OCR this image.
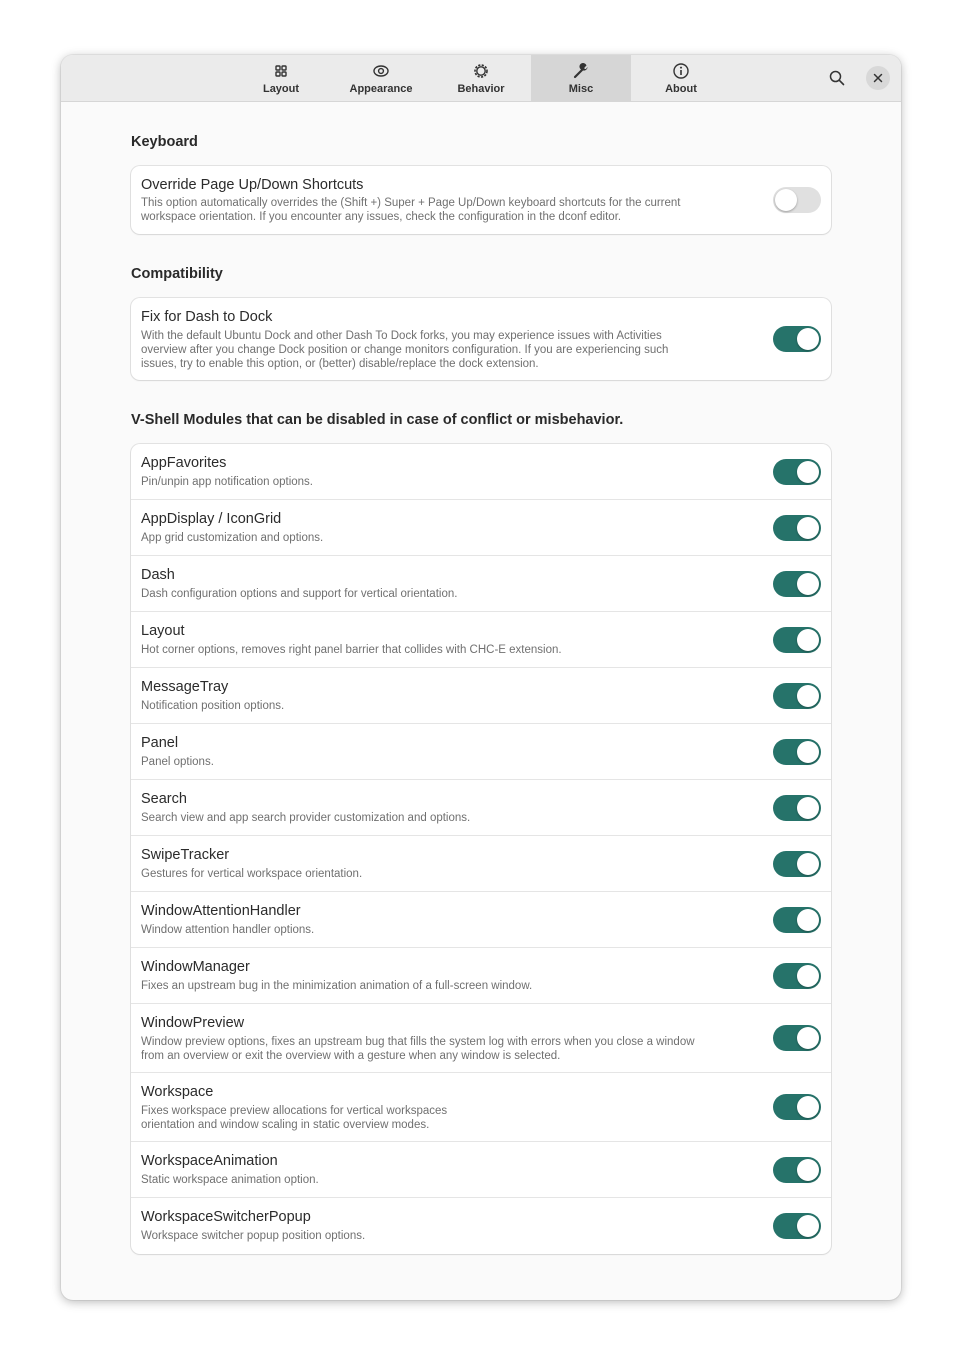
Layout	Appearance	Behavior	Misc	About
Keyboard
Override Page Up/Down Shortcuts
This option automatically overrides the (Shift +) Super + Page Up/Down keyboard shortcuts for the current workspace orientation. If you encounter any issues, check the configuration in the dconf editor.
Compatibility
Fix for Dash to Dock
With the default Ubuntu Dock and other Dash To Dock forks, you may experience issues with Activities overview after you change Dock position or change monitors configuration. If you are experiencing such issues, try to enable this option, or (better) disable/replace the dock extension.
V-Shell Modules that can be disabled in case of conflict or misbehavior.
AppFavorites
Pin/unpin app notification options.
AppDisplay / IconGrid
App grid customization and options.
Dash
Dash configuration options and support for vertical orientation.
Layout
Hot corner options, removes right panel barrier that collides with CHC-E extension.
MessageTray
Notification position options.
Panel
Panel options.
Search
Search view and app search provider customization and options.
SwipeTracker
Gestures for vertical workspace orientation.
WindowAttentionHandler
Window attention handler options.
WindowManager
Fixes an upstream bug in the minimization animation of a full-screen window.
WindowPreview
Window preview options, fixes an upstream bug that fills the system log with errors when you close a window from an overview or exit the overview with a gesture when any window is selected.
Workspace
Fixes workspace preview allocations for vertical workspaces orientation and window scaling in static overview modes.
WorkspaceAnimation
Static workspace animation option.
WorkspaceSwitcherPopup
Workspace switcher popup position options.
